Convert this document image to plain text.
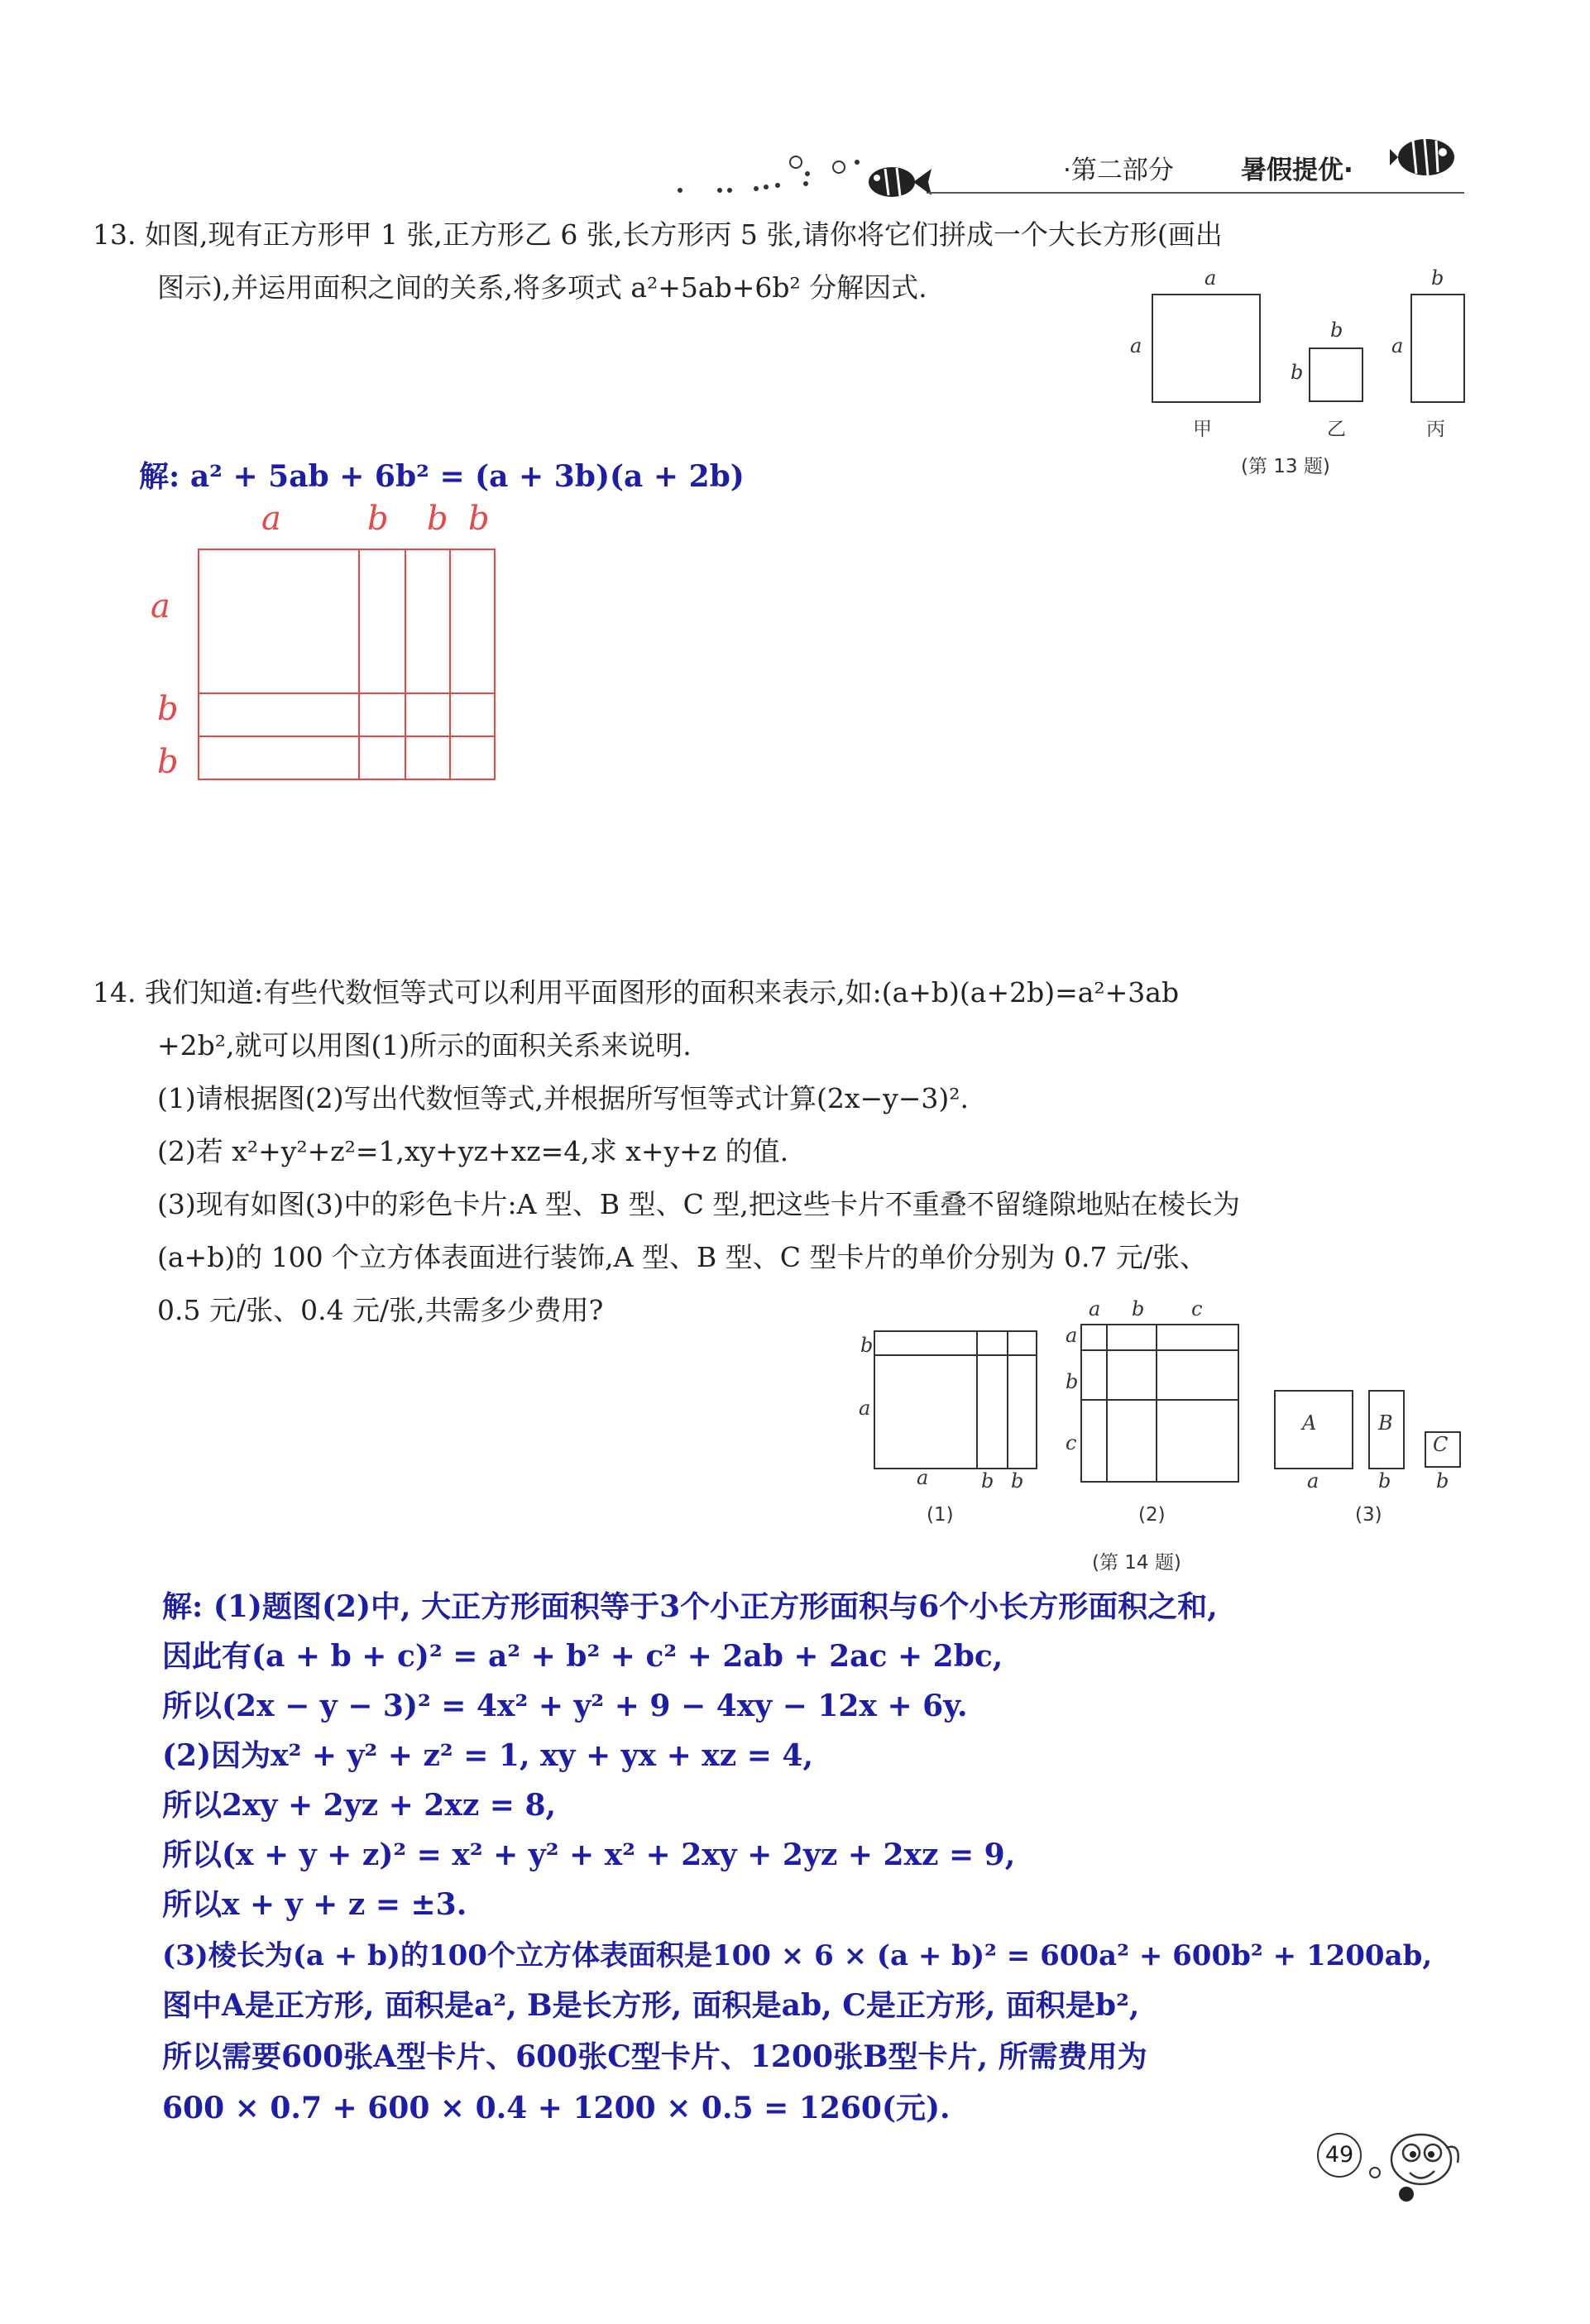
·第二部分	暑假提优·
13. 如图,现有正方形甲 1 张,正方形乙 6 张,长方形丙 5 张,请你将它们拼成一个大长方形(画出
图示),并运用面积之间的关系,将多项式 a²+5ab+6b² 分解因式.	a
a
b
b
b
a
甲	乙	丙
(第 13 题)
解: a² + 5ab + 6b² = (a + 3b)(a + 2b)
a	b b b
a
b
b
14. 我们知道:有些代数恒等式可以利用平面图形的面积来表示,如:(a+b)(a+2b)=a²+3ab
+2b²,就可以用图(1)所示的面积关系来说明.
(1)请根据图(2)写出代数恒等式,并根据所写恒等式计算(2x−y−3)².
(2)若 x²+y²+z²=1,xy+yz+xz=4,求 x+y+z 的值.
(3)现有如图(3)中的彩色卡片:A 型、B 型、C 型,把这些卡片不重叠不留缝隙地贴在棱长为
(a+b)的 100 个立方体表面进行装饰,A 型、B 型、C 型卡片的单价分别为 0.7 元/张、
0.5 元/张、0.4 元/张,共需多少费用?
b
a
a	b b
(1)
a b c
a
b
c
(2)
A	B
C
a	b b
(3)
(第 14 题)
解: (1)题图(2)中, 大正方形面积等于3个小正方形面积与6个小长方形面积之和,
因此有(a + b + c)² = a² + b² + c² + 2ab + 2ac + 2bc,
所以(2x − y − 3)² = 4x² + y² + 9 − 4xy − 12x + 6y.
(2)因为x² + y² + z² = 1, xy + yx + xz = 4,
所以2xy + 2yz + 2xz = 8,
所以(x + y + z)² = x² + y² + x² + 2xy + 2yz + 2xz = 9,
所以x + y + z = ±3.
(3)棱长为(a + b)的100个立方体表面积是100 × 6 × (a + b)² = 600a² + 600b² + 1200ab,
图中A是正方形, 面积是a², B是长方形, 面积是ab, C是正方形, 面积是b²,
所以需要600张A型卡片、600张C型卡片、1200张B型卡片, 所需费用为
600 × 0.7 + 600 × 0.4 + 1200 × 0.5 = 1260(元).
49
